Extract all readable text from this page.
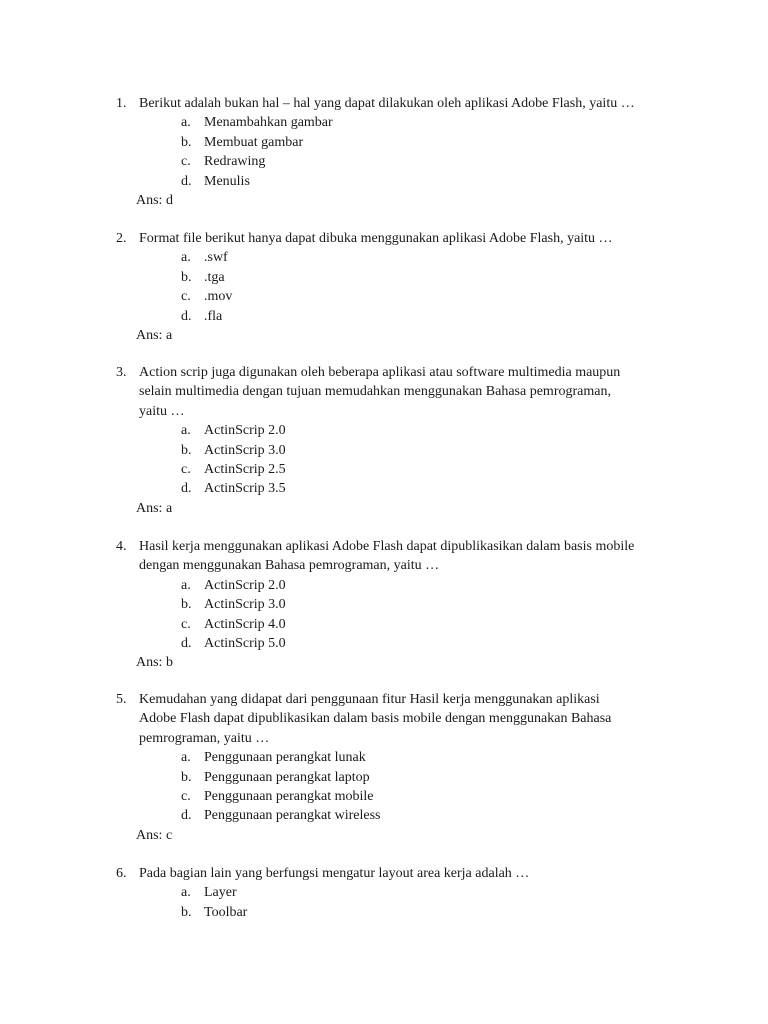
1. Berikut adalah bukan hal – hal yang dapat dilakukan oleh aplikasi Adobe Flash, yaitu …
a. Menambahkan gambar
b. Membuat gambar
c. Redrawing
d. Menulis
Ans: d
2. Format file berikut hanya dapat dibuka menggunakan aplikasi Adobe Flash, yaitu …
a. .swf
b. .tga
c. .mov
d. .fla
Ans: a
3. Action scrip juga digunakan oleh beberapa aplikasi atau software multimedia maupun
selain multimedia dengan tujuan memudahkan menggunakan Bahasa pemrograman,
yaitu …
a. ActinScrip 2.0
b. ActinScrip 3.0
c. ActinScrip 2.5
d. ActinScrip 3.5
Ans: a
4. Hasil kerja menggunakan aplikasi Adobe Flash dapat dipublikasikan dalam basis mobile
dengan menggunakan Bahasa pemrograman, yaitu …
a. ActinScrip 2.0
b. ActinScrip 3.0
c. ActinScrip 4.0
d. ActinScrip 5.0
Ans: b
5. Kemudahan yang didapat dari penggunaan fitur Hasil kerja menggunakan aplikasi
Adobe Flash dapat dipublikasikan dalam basis mobile dengan menggunakan Bahasa
pemrograman, yaitu …
a. Penggunaan perangkat lunak
b. Penggunaan perangkat laptop
c. Penggunaan perangkat mobile
d. Penggunaan perangkat wireless
Ans: c
6. Pada bagian lain yang berfungsi mengatur layout area kerja adalah …
a. Layer
b. Toolbar
